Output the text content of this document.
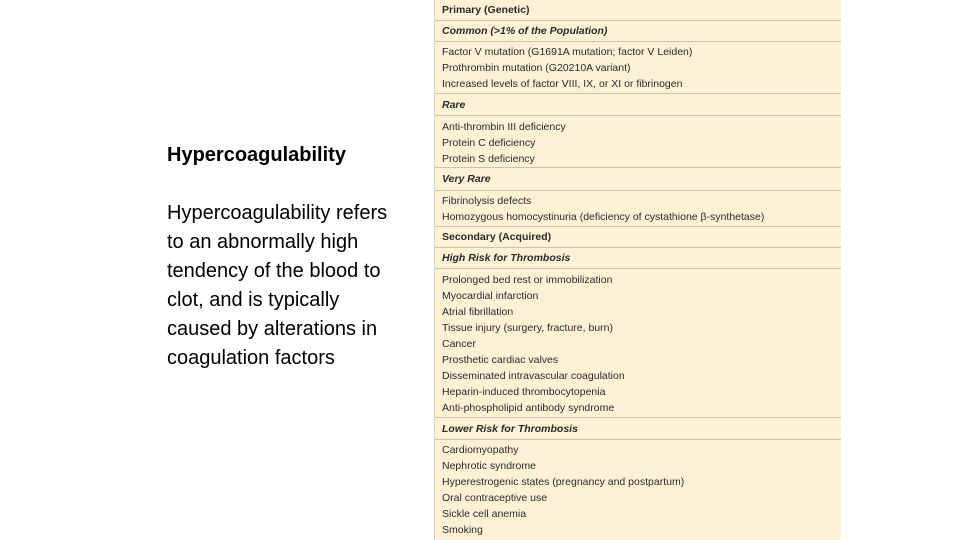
Hypercoagulability
Hypercoagulability refers to an abnormally high tendency of the blood to clot, and is typically caused by alterations in coagulation factors
Primary (Genetic)
Common (>1% of the Population)
Factor V mutation (G1691A mutation; factor V Leiden)
Prothrombin mutation (G20210A variant)
Increased levels of factor VIII, IX, or XI or fibrinogen
Rare
Anti-thrombin III deficiency
Protein C deficiency
Protein S deficiency
Very Rare
Fibrinolysis defects
Homozygous homocystinuria (deficiency of cystathione β-synthetase)
Secondary (Acquired)
High Risk for Thrombosis
Prolonged bed rest or immobilization
Myocardial infarction
Atrial fibrillation
Tissue injury (surgery, fracture, burn)
Cancer
Prosthetic cardiac valves
Disseminated intravascular coagulation
Heparin-induced thrombocytopenia
Anti-phospholipid antibody syndrome
Lower Risk for Thrombosis
Cardiomyopathy
Nephrotic syndrome
Hyperestrogenic states (pregnancy and postpartum)
Oral contraceptive use
Sickle cell anemia
Smoking
